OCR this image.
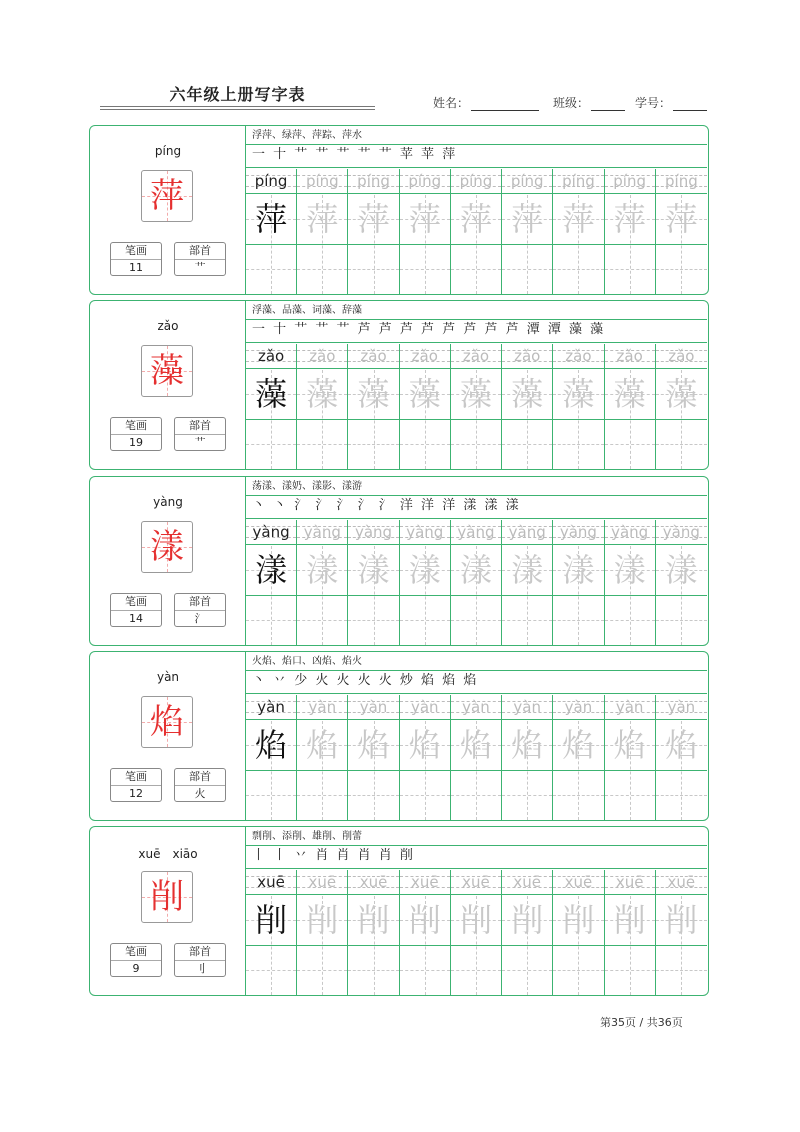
六年级上册写字表	姓名：	班级：	学号：
píng
萍
笔画
11
部首
艹
浮萍、绿萍、萍踪、萍水
一 十 艹 艹 艹 艹 艹 苹 苹 萍
píng
萍
píng
萍
píng
萍
píng
萍
píng
萍
píng
萍
píng
萍
píng
萍
píng
萍
zǎo
藻
笔画
19
部首
艹
浮藻、品藻、词藻、辞藻
一 十 艹 艹 艹 芦 芦 芦 芦 芦 芦 芦 芦 潭 潭 藻 藻
zǎo
藻
zǎo
藻
zǎo
藻
zǎo
藻
zǎo
藻
zǎo
藻
zǎo
藻
zǎo
藻
zǎo
藻
yàng
漾
笔画
14
部首
氵
荡漾、漾奶、漾影、漾游
丶 丶 氵 氵 氵 氵 氵 洋 洋 洋 漾 漾 漾
yàng
漾
yàng
漾
yàng
漾
yàng
漾
yàng
漾
yàng
漾
yàng
漾
yàng
漾
yàng
漾
yàn
焰
笔画
12
部首
火
火焰、焰口、凶焰、焰火
丶 丷 少 火 火 火 火 炒 焰 焰 焰
yàn
焰
yàn
焰
yàn
焰
yàn
焰
yàn
焰
yàn
焰
yàn
焰
yàn
焰
yàn
焰
xuē　xiāo
削
笔画
9
部首
刂
剽削、添削、雄削、削蕾
丨 丨 丷 肖 肖 肖 肖 削
xuē
削
xuē
削
xuē
削
xuē
削
xuē
削
xuē
削
xuē
削
xuē
削
xuē
削
第35页 / 共36页
